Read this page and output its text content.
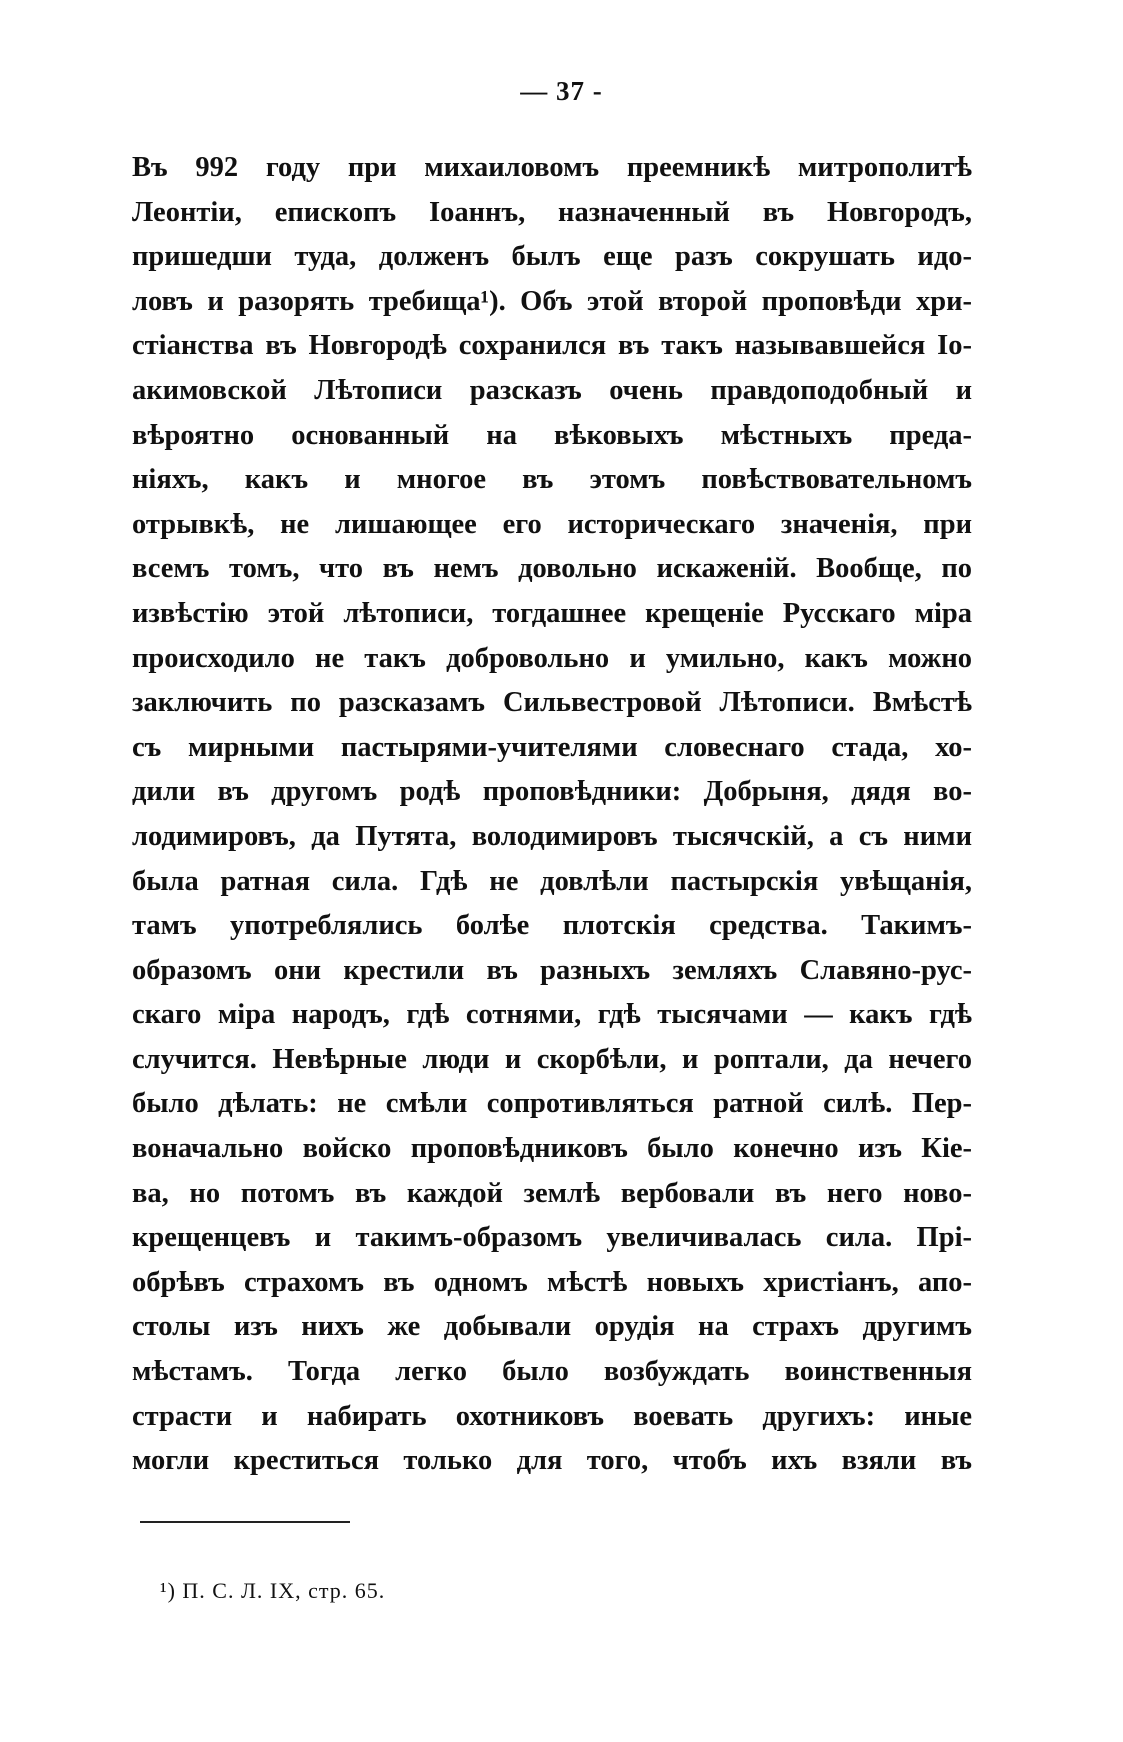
— 37 -

Въ 992 году при михаиловомъ преемникѣ митрополитѣ
Леонтіи, епископъ Іоаннъ, назначенный въ Новгородъ,
пришедши туда, долженъ былъ еще разъ сокрушать идо-
ловъ и разорять требища¹). Объ этой второй проповѣди хри-
стіанства въ Новгородѣ сохранился въ такъ называвшейся Іо-
акимовской Лѣтописи разсказъ очень правдоподобный и
вѣроятно основанный на вѣковыхъ мѣстныхъ преда-
ніяхъ, какъ и многое въ этомъ повѣствовательномъ
отрывкѣ, не лишающее его историческаго значенія, при
всемъ томъ, что въ немъ довольно искаженій. Вообще, по
извѣстію этой лѣтописи, тогдашнее крещеніе Русскаго міра
происходило не такъ добровольно и умильно, какъ можно
заключить по разсказамъ Сильвестровой Лѣтописи. Вмѣстѣ
съ мирными пастырями-учителями словеснаго стада, хо-
дили въ другомъ родѣ проповѣдники: Добрыня, дядя во-
лодимировъ, да Путята, володимировъ тысячскій, а съ ними
была ратная сила. Гдѣ не довлѣли пастырскія увѣщанія,
тамъ употреблялись болѣе плотскія средства. Такимъ-
образомъ они крестили въ разныхъ земляхъ Славяно-рус-
скаго міра народъ, гдѣ сотнями, гдѣ тысячами — какъ гдѣ
случится. Невѣрные люди и скорбѣли, и роптали, да нечего
было дѣлать: не смѣли сопротивляться ратной силѣ. Пер-
воначально войско проповѣдниковъ было конечно изъ Кіе-
ва, но потомъ въ каждой землѣ вербовали въ него ново-
крещенцевъ и такимъ-образомъ увеличивалась сила. Прі-
обрѣвъ страхомъ въ одномъ мѣстѣ новыхъ христіанъ, апо-
столы изъ нихъ же добывали орудія на страхъ другимъ
мѣстамъ. Тогда легко было возбуждать воинственныя
страсти и набирать охотниковъ воевать другихъ: иные
могли креститься только для того, чтобъ ихъ взяли въ

¹) П. С. Л. IX, стр. 65.
